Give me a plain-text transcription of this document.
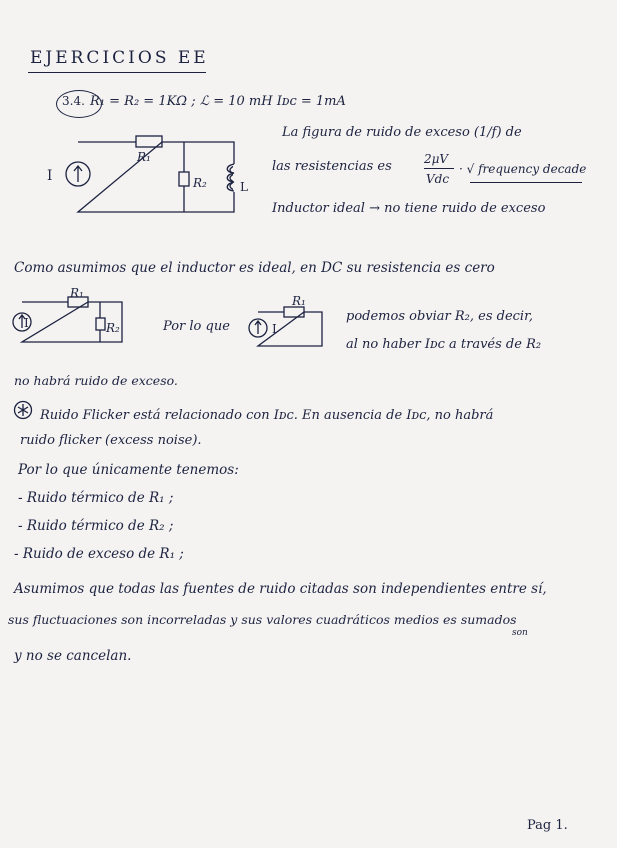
EJERCICIOS EE
3.4. R₁ = R₂ = 1KΩ ; ℒ = 10 mH Iᴅᴄ = 1mA
I
R₁
R₂	L
La figura de ruido de exceso (1/f) de
las resistencias es	2μV
Vdc
· √ frequency decade
Inductor ideal → no tiene ruido de exceso
Como asumimos que el inductor es ideal, en DC su resistencia es cero
I
R₁
R₂	Por lo que	I
R₁
podemos obviar R₂, es decir,
al no haber Iᴅᴄ a través de R₂
no habrá ruido de exceso.
Ruido Flicker está relacionado con Iᴅᴄ. En ausencia de Iᴅᴄ, no habrá
ruido flicker (excess noise).
Por lo que únicamente tenemos:
- Ruido térmico de R₁ ;
- Ruido térmico de R₂ ;
- Ruido de exceso de R₁ ;
Asumimos que todas las fuentes de ruido citadas son independientes entre sí,
son
sus fluctuaciones son incorreladas y sus valores cuadráticos medios es sumados
y no se cancelan.
Pag 1.
